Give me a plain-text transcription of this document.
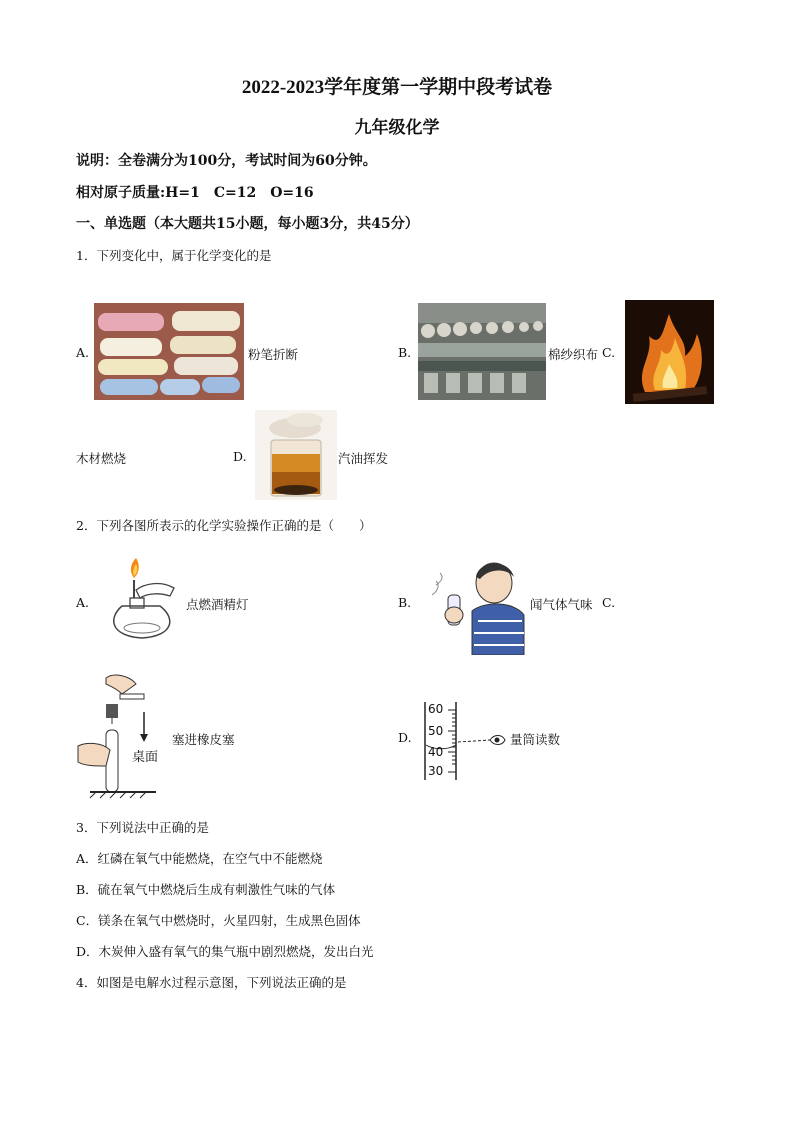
2022-2023学年度第一学期中段考试卷
九年级化学
说明：全卷满分为100分，考试时间为60分钟。
相对原子质量:H=1　C=12　O=16
一、单选题（本大题共15小题，每小题3分，共45分）
1．下列变化中，属于化学变化的是
A.	粉笔折断	B.	棉纱织布 C.
木材燃烧	D.	汽油挥发
2．下列各图所表示的化学实验操作正确的是（　　）
A.	点燃酒精灯	B.	闻气体气味 C.
桌面
塞进橡皮塞	D.
60
50
40
30
量筒读数
3．下列说法中正确的是
A．红磷在氧气中能燃烧，在空气中不能燃烧
B．硫在氧气中燃烧后生成有刺激性气味的气体
C．镁条在氧气中燃烧时，火星四射，生成黑色固体
D．木炭伸入盛有氧气的集气瓶中剧烈燃烧，发出白光
4．如图是电解水过程示意图，下列说法正确的是
